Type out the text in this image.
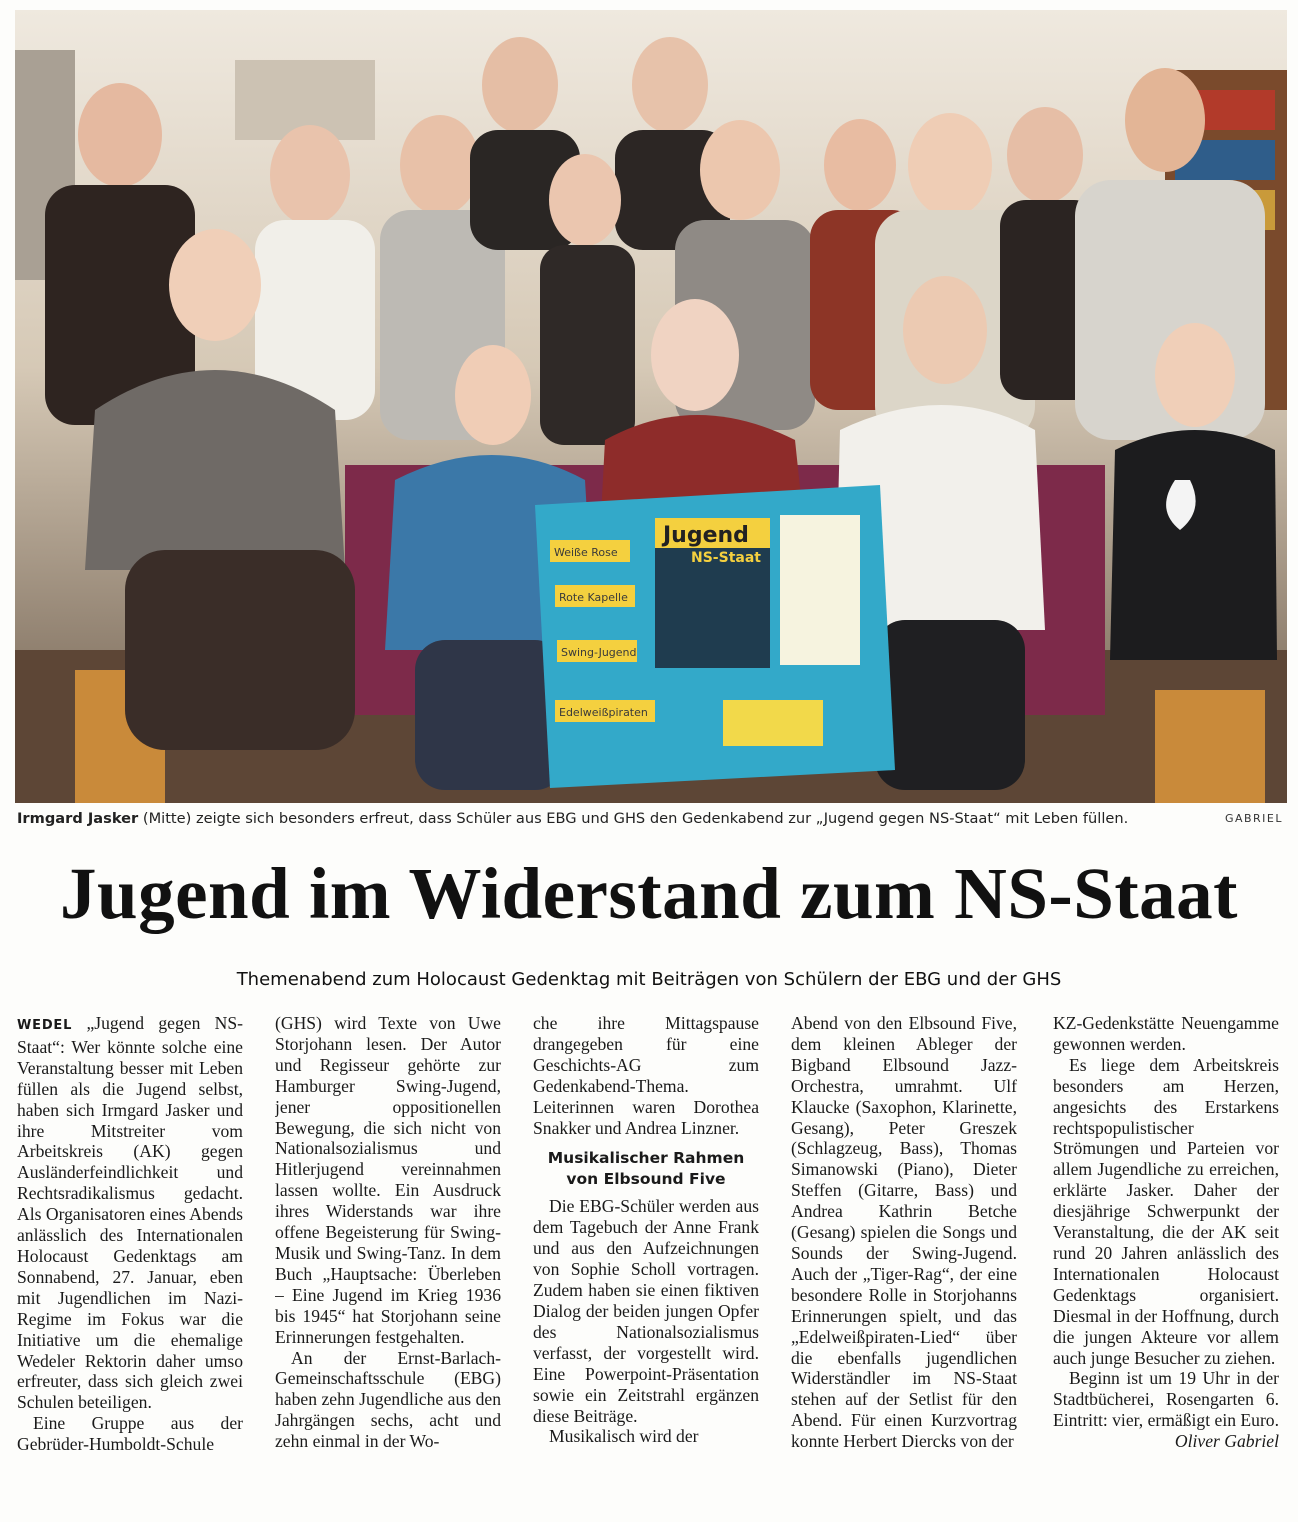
Jugend
NS-Staat
Weiße Rose
Rote Kapelle
Swing-Jugend
Edelweißpiraten
Irmgard Jasker (Mitte) zeigte sich besonders erfreut, dass Schüler aus EBG und GHS den Gedenkabend zur „Jugend gegen NS-Staat“ mit Leben füllen.	GABRIEL
Jugend im Widerstand zum NS-Staat
Themenabend zum Holocaust Gedenktag mit Beiträgen von Schülern der EBG und der GHS

WEDEL „Jugend gegen NS-Staat“: Wer könnte solche eine Veranstaltung besser mit Leben füllen als die Jugend selbst, haben sich Irmgard Jasker und ihre Mitstreiter vom Arbeitskreis (AK) gegen Ausländerfeindlichkeit und Rechtsradikalismus gedacht. Als Organisatoren eines Abends anlässlich des Internationalen Holocaust Gedenktags am Sonnabend, 27. Januar, eben mit Jugendlichen im Nazi-Regime im Fokus war die Initiative um die ehemalige Wedeler Rektorin daher umso erfreuter, dass sich gleich zwei Schulen beteiligen.

Eine Gruppe aus der Gebrüder-Humboldt-Schule

(GHS) wird Texte von Uwe Storjohann lesen. Der Autor und Regisseur gehörte zur Hamburger Swing-Jugend, jener oppositionellen Bewegung, die sich nicht von Nationalsozialismus und Hitlerjugend vereinnahmen lassen wollte. Ein Ausdruck ihres Widerstands war ihre offene Begeisterung für Swing-Musik und Swing-Tanz. In dem Buch „Hauptsache: Überleben – Eine Jugend im Krieg 1936 bis 1945“ hat Storjohann seine Erinnerungen festgehalten.

An der Ernst-Barlach-Gemeinschaftsschule (EBG) haben zehn Jugendliche aus den Jahrgängen sechs, acht und zehn einmal in der Wo-

che ihre Mittagspause drangegeben für eine Geschichts-AG zum Gedenkabend-Thema. Leiterinnen waren Dorothea Snakker und Andrea Linzner.

Musikalischer Rahmen von Elbsound Five

Die EBG-Schüler werden aus dem Tagebuch der Anne Frank und aus den Aufzeichnungen von Sophie Scholl vortragen. Zudem haben sie einen fiktiven Dialog der beiden jungen Opfer des Nationalsozialismus verfasst, der vorgestellt wird. Eine Powerpoint-Präsentation sowie ein Zeitstrahl ergänzen diese Beiträge.

Musikalisch wird der

Abend von den Elbsound Five, dem kleinen Ableger der Bigband Elbsound Jazz-Orchestra, umrahmt. Ulf Klaucke (Saxophon, Klarinette, Gesang), Peter Greszek (Schlagzeug, Bass), Thomas Simanowski (Piano), Dieter Steffen (Gitarre, Bass) und Andrea Kathrin Betche (Gesang) spielen die Songs und Sounds der Swing-Jugend. Auch der „Tiger-Rag“, der eine besondere Rolle in Storjohanns Erinnerungen spielt, und das „Edelweißpiraten-Lied“ über die ebenfalls jugendlichen Widerständler im NS-Staat stehen auf der Setlist für den Abend. Für einen Kurzvortrag konnte Herbert Diercks von der

KZ-Gedenkstätte Neuengamme gewonnen werden.

Es liege dem Arbeitskreis besonders am Herzen, angesichts des Erstarkens rechtspopulistischer Strömungen und Parteien vor allem Jugendliche zu erreichen, erklärte Jasker. Daher der diesjährige Schwerpunkt der Veranstaltung, die der AK seit rund 20 Jahren anlässlich des Internationalen Holocaust Gedenktags organisiert. Diesmal in der Hoffnung, durch die jungen Akteure vor allem auch junge Besucher zu ziehen.

Beginn ist um 19 Uhr in der Stadtbücherei, Rosengarten 6. Eintritt: vier, ermäßigt ein Euro.

Oliver Gabriel
